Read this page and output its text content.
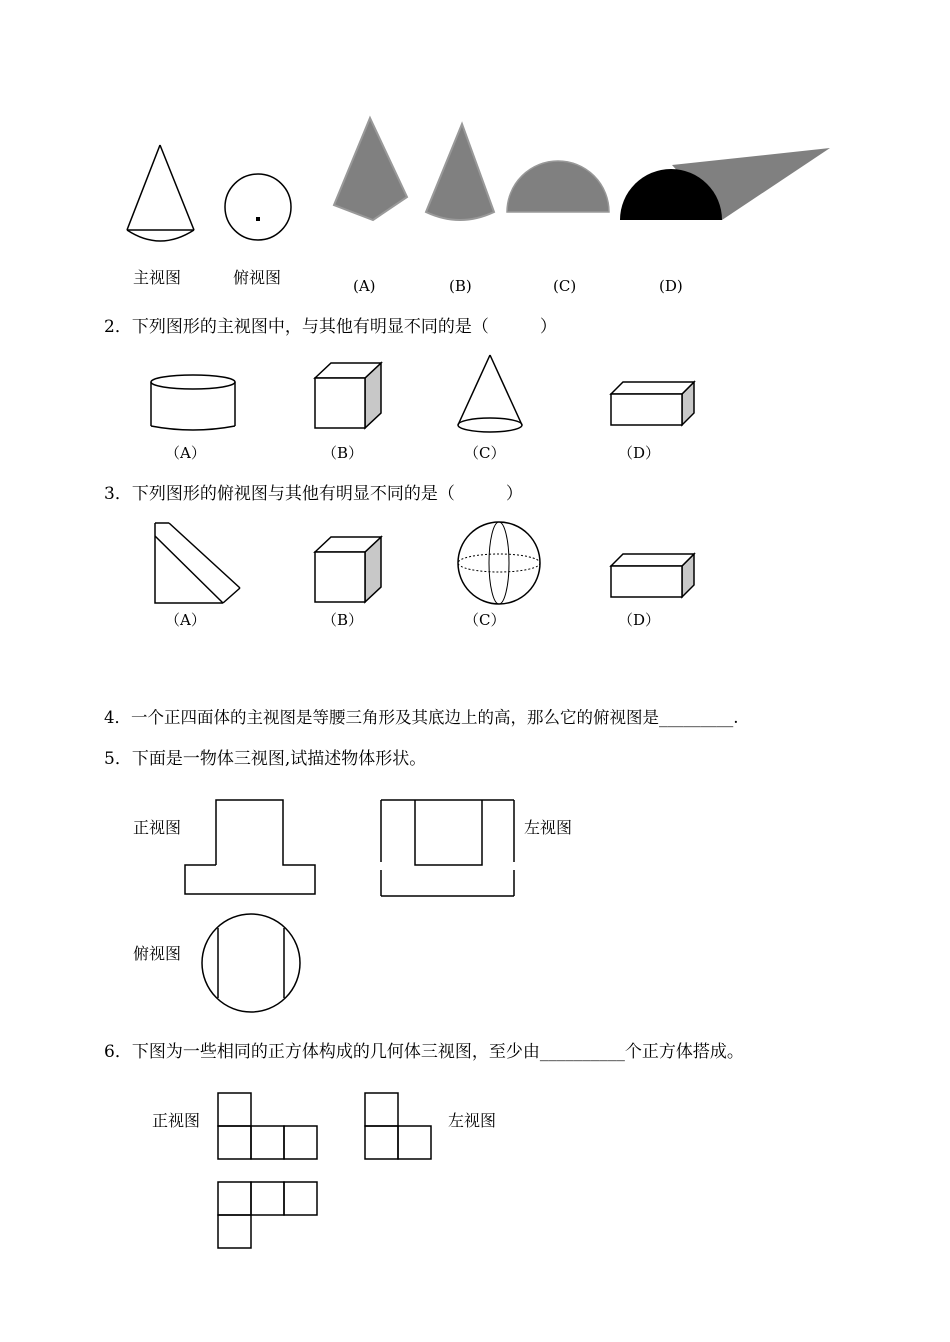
主视图	俯视图	(A)	(B)	(C)	(D)
2．下列图形的主视图中，与其他有明显不同的是（　　　）
（A）	（B）	（C）	（D）
3．下列图形的俯视图与其他有明显不同的是（　　　）
（A）	（B）	（C）	（D）
4．一个正四面体的主视图是等腰三角形及其底边上的高，那么它的俯视图是_________.
5．下面是一物体三视图,试描述物体形状。
正视图	左视图
俯视图
6．下图为一些相同的正方体构成的几何体三视图，至少由__________个正方体搭成。
正视图	左视图
